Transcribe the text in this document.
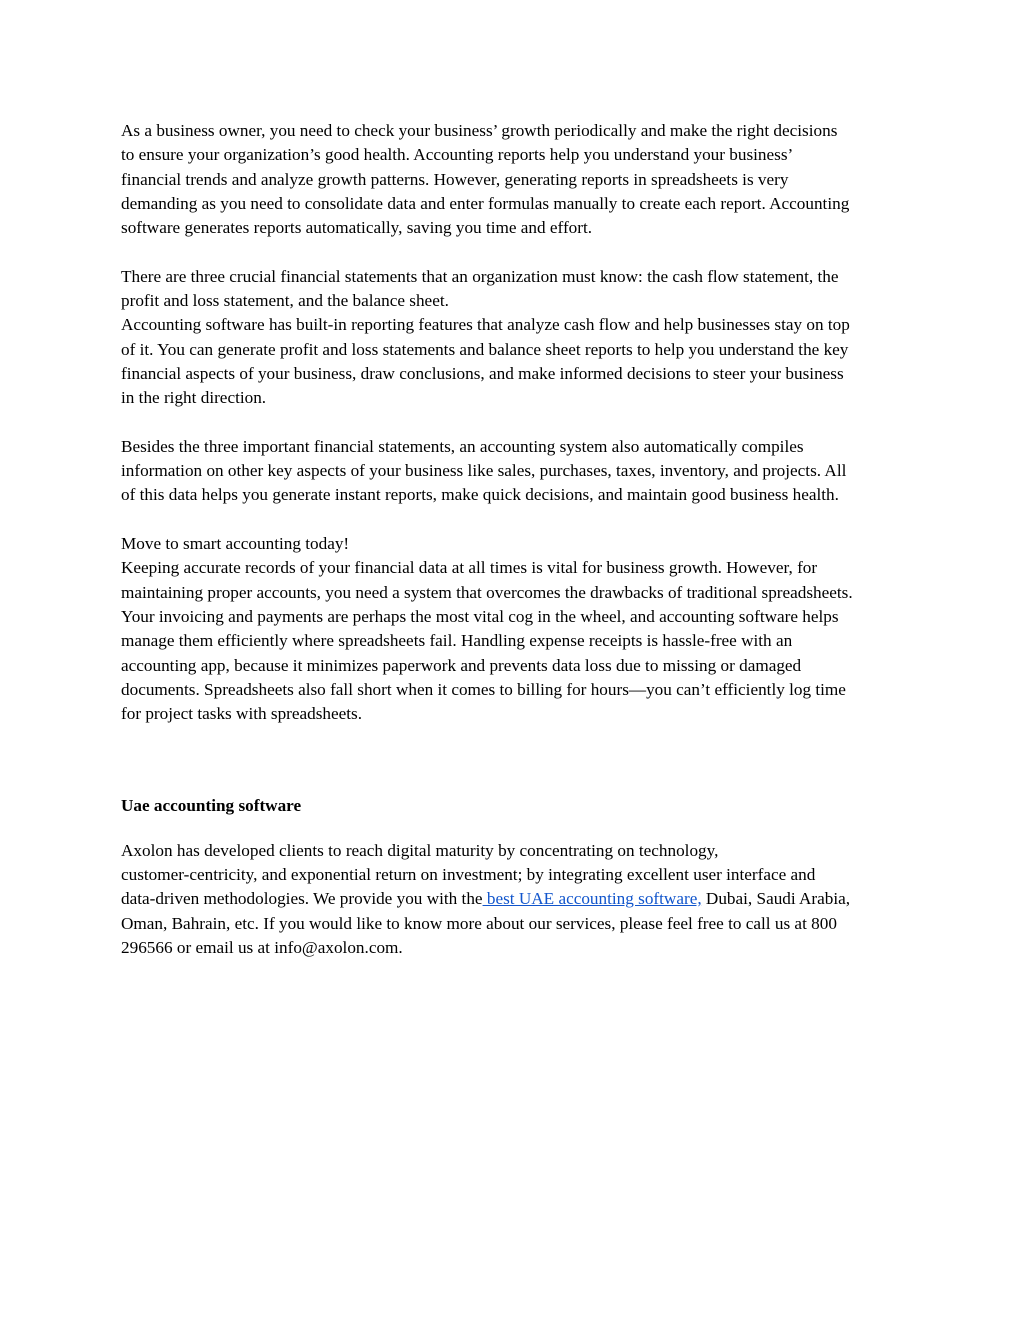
As a business owner, you need to check your business’ growth periodically and make the right decisions
to ensure your organization’s good health. Accounting reports help you understand your business’
financial trends and analyze growth patterns. However, generating reports in spreadsheets is very
demanding as you need to consolidate data and enter formulas manually to create each report. Accounting
software generates reports automatically, saving you time and effort.

There are three crucial financial statements that an organization must know: the cash flow statement, the
profit and loss statement, and the balance sheet.

Accounting software has built-in reporting features that analyze cash flow and help businesses stay on top
of it. You can generate profit and loss statements and balance sheet reports to help you understand the key
financial aspects of your business, draw conclusions, and make informed decisions to steer your business
in the right direction.

Besides the three important financial statements, an accounting system also automatically compiles
information on other key aspects of your business like sales, purchases, taxes, inventory, and projects. All
of this data helps you generate instant reports, make quick decisions, and maintain good business health.

Move to smart accounting today!

Keeping accurate records of your financial data at all times is vital for business growth. However, for
maintaining proper accounts, you need a system that overcomes the drawbacks of traditional spreadsheets.
Your invoicing and payments are perhaps the most vital cog in the wheel, and accounting software helps
manage them efficiently where spreadsheets fail. Handling expense receipts is hassle-free with an
accounting app, because it minimizes paperwork and prevents data loss due to missing or damaged
documents. Spreadsheets also fall short when it comes to billing for hours—you can’t efficiently log time
for project tasks with spreadsheets.

Uae accounting software

Axolon has developed clients to reach digital maturity by concentrating on technology,
customer-centricity, and exponential return on investment; by integrating excellent user interface and
data-driven methodologies. We provide you with the best UAE accounting software, Dubai, Saudi Arabia,
Oman, Bahrain, etc. If you would like to know more about our services, please feel free to call us at 800
296566 or email us at info@axolon.com.
